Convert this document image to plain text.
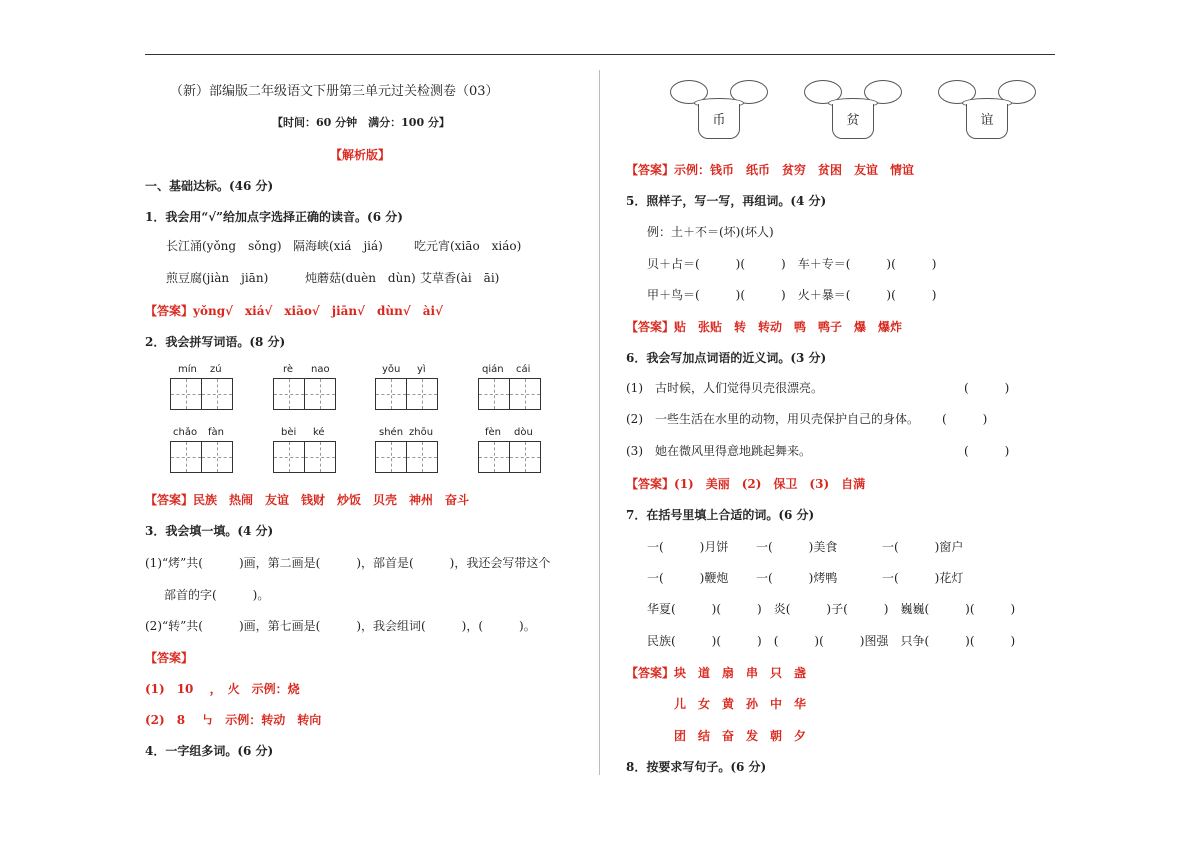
（新）部编版二年级语文下册第三单元过关检测卷（03）
【时间：60 分钟　满分：100 分】
【解析版】
一、基础达标。(46 分)
1．我会用“√”给加点字选择正确的读音。(6 分)
长江涌(yǒng　sǒng) 隔海峡(xiá　jiá)	吃元宵(xiāo　xiáo)
煎豆腐(jiàn　jiān)	炖蘑菇(duèn　dùn) 艾草香(ài　āi)
【答案】yǒng√　xiá√　xiāo√　jiān√　dùn√　ài√
2．我会拼写词语。(8 分)
mín zú	rè nao	yǒu yì	qián cái
chǎo fàn	bèi ké	shén zhōu	fèn dòu
【答案】民族　热闹　友谊　钱财　炒饭　贝壳　神州　奋斗
3．我会填一填。(4 分)
(1)“烤”共(　　　)画，第二画是(　　　)，部首是(　　　)，我还会写带这个
部首的字(　　　)。
(2)“转”共(　　　)画，第七画是(　　　)，我会组词(　　　)，(　　　)。
【答案】
(1)　10　 ，　火　示例：烧
(2)　8　 ㇉　示例：转动　转向
4．一字组多词。(6 分)
币	贫	谊
【答案】示例：钱币　纸币　贫穷　贫困　友谊　情谊
5．照样子，写一写，再组词。(4 分)
例：土＋不＝(坏)(坏人)
贝＋占＝(　　　)(　　　)　车＋专＝(　　　)(　　　)
甲＋鸟＝(　　　)(　　　)　火＋暴＝(　　　)(　　　)
【答案】贴　张贴　转　转动　鸭　鸭子　爆　爆炸
6．我会写加点词语的近义词。(3 分)
(1)　古时候，人们觉得贝壳很漂亮。	(　　　)
(2)　一些生活在水里的动物，用贝壳保护自己的身体。 (　　　)
(3)　她在微风里得意地跳起舞来。	(　　　)
【答案】(1)　美丽　(2)　保卫　(3)　自满
7．在括号里填上合适的词。(6 分)
一(　　　)月饼 一(　　　)美食	一(　　　)窗户
一(　　　)鞭炮 一(　　　)烤鸭	一(　　　)花灯
华夏(　　　)(　　　)　炎(　　　)子(　　　)　巍巍(　　　)(　　　)
民族(　　　)(　　　)　(　　　)(　　　)图强　只争(　　　)(　　　)
【答案】块　道　扇　串　只　盏
儿　女　黄　孙　中　华
团　结　奋　发　朝　夕
8．按要求写句子。(6 分)
